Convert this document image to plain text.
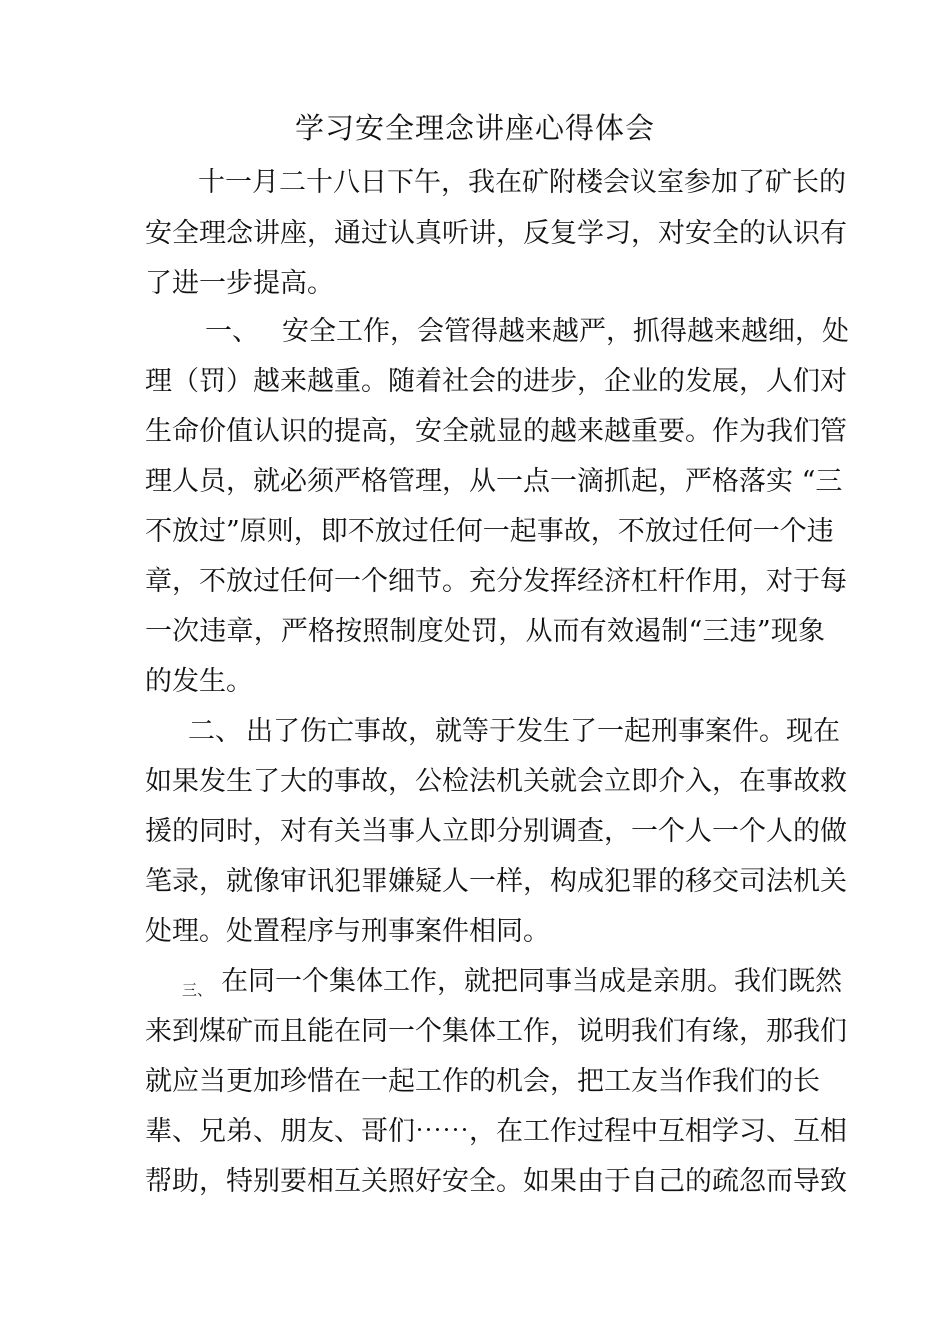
学习安全理念讲座心得体会
十一月二十八日下午，我在矿附楼会议室参加了矿长的
安全理念讲座，通过认真听讲，反复学习，对安全的认识有
了进一步提高。
一、 安全工作，会管得越来越严，抓得越来越细，处
理（罚）越来越重。随着社会的进步，企业的发展，人们对
生命价值认识的提高，安全就显的越来越重要。作为我们管
理人员，就必须严格管理，从一点一滴抓起，严格落实 “三
不放过”原则，即不放过任何一起事故，不放过任何一个违
章，不放过任何一个细节。充分发挥经济杠杆作用，对于每
一次违章，严格按照制度处罚，从而有效遏制“三违”现象
的发生。
二、 出了伤亡事故，就等于发生了一起刑事案件。现在
如果发生了大的事故，公检法机关就会立即介入，在事故救
援的同时，对有关当事人立即分别调查，一个人一个人的做
笔录，就像审讯犯罪嫌疑人一样，构成犯罪的移交司法机关
处理。处置程序与刑事案件相同。
三、 在同一个集体工作，就把同事当成是亲朋。我们既然
来到煤矿而且能在同一个集体工作，说明我们有缘，那我们
就应当更加珍惜在一起工作的机会，把工友当作我们的长
辈、兄弟、朋友、哥们⋯⋯，在工作过程中互相学习、互相
帮助，特别要相互关照好安全。如果由于自己的疏忽而导致
